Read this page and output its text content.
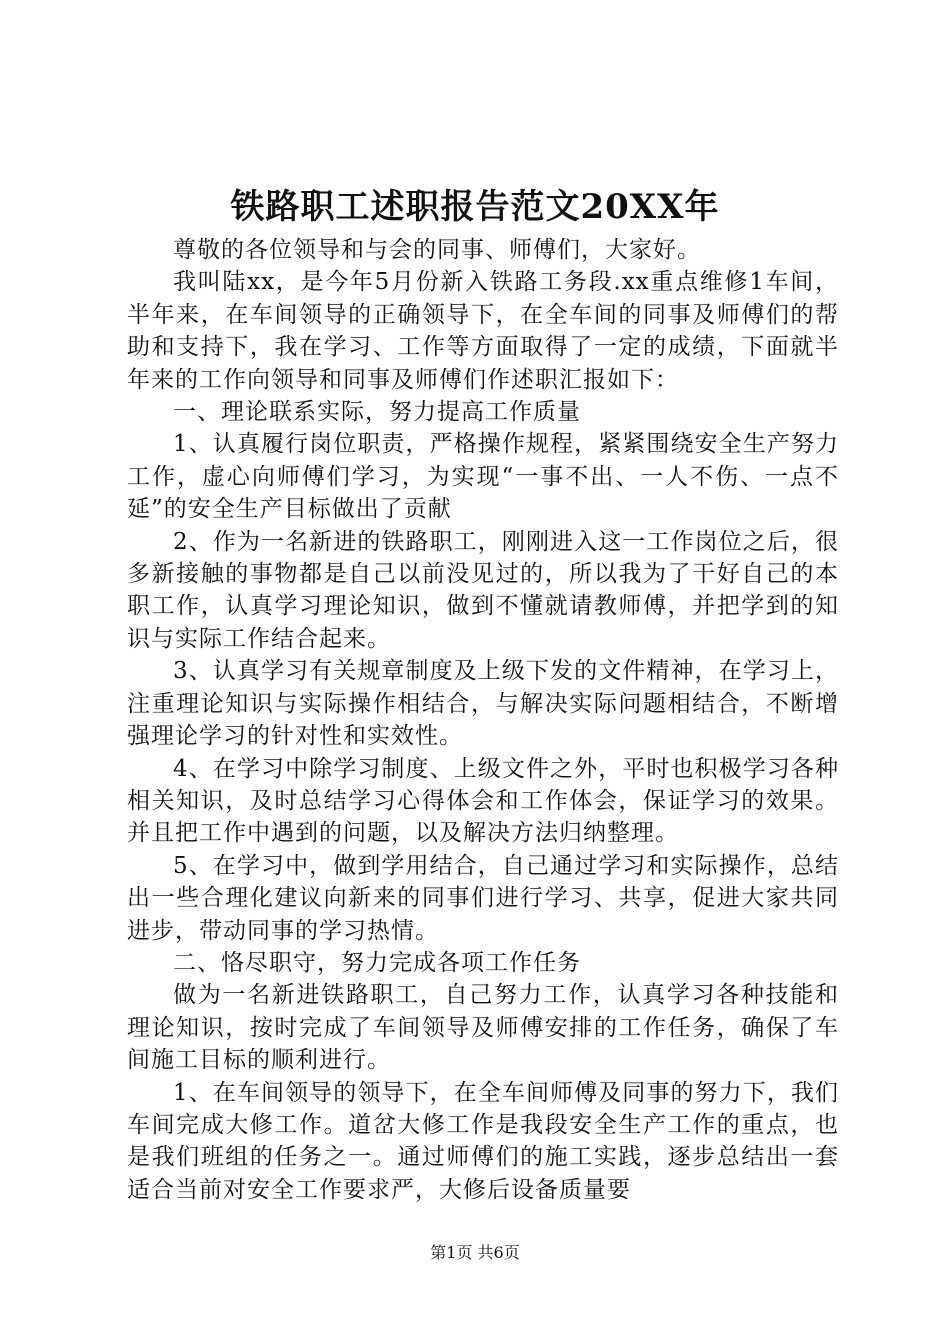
铁路职工述职报告范文20XX年

尊敬的各位领导和与会的同事、师傅们，大家好。

我叫陆xx，是今年5月份新入铁路工务段.xx重点维修1车间，半年来，在车间领导的正确领导下，在全车间的同事及师傅们的帮助和支持下，我在学习、工作等方面取得了一定的成绩，下面就半年来的工作向领导和同事及师傅们作述职汇报如下：

一、理论联系实际，努力提高工作质量

1、认真履行岗位职责，严格操作规程，紧紧围绕安全生产努力工作，虚心向师傅们学习，为实现“一事不出、一人不伤、一点不延”的安全生产目标做出了贡献

2、作为一名新进的铁路职工，刚刚进入这一工作岗位之后，很多新接触的事物都是自己以前没见过的，所以我为了干好自己的本职工作，认真学习理论知识，做到不懂就请教师傅，并把学到的知识与实际工作结合起来。

3、认真学习有关规章制度及上级下发的文件精神，在学习上，注重理论知识与实际操作相结合，与解决实际问题相结合，不断增强理论学习的针对性和实效性。

4、在学习中除学习制度、上级文件之外，平时也积极学习各种相关知识，及时总结学习心得体会和工作体会，保证学习的效果。并且把工作中遇到的问题，以及解决方法归纳整理。

5、在学习中，做到学用结合，自己通过学习和实际操作，总结出一些合理化建议向新来的同事们进行学习、共享，促进大家共同进步，带动同事的学习热情。

二、恪尽职守，努力完成各项工作任务

做为一名新进铁路职工，自己努力工作，认真学习各种技能和理论知识，按时完成了车间领导及师傅安排的工作任务，确保了车间施工目标的顺利进行。

1、在车间领导的领导下，在全车间师傅及同事的努力下，我们车间完成大修工作。道岔大修工作是我段安全生产工作的重点，也是我们班组的任务之一。通过师傅们的施工实践，逐步总结出一套适合当前对安全工作要求严，大修后设备质量要

第1页 共6页
